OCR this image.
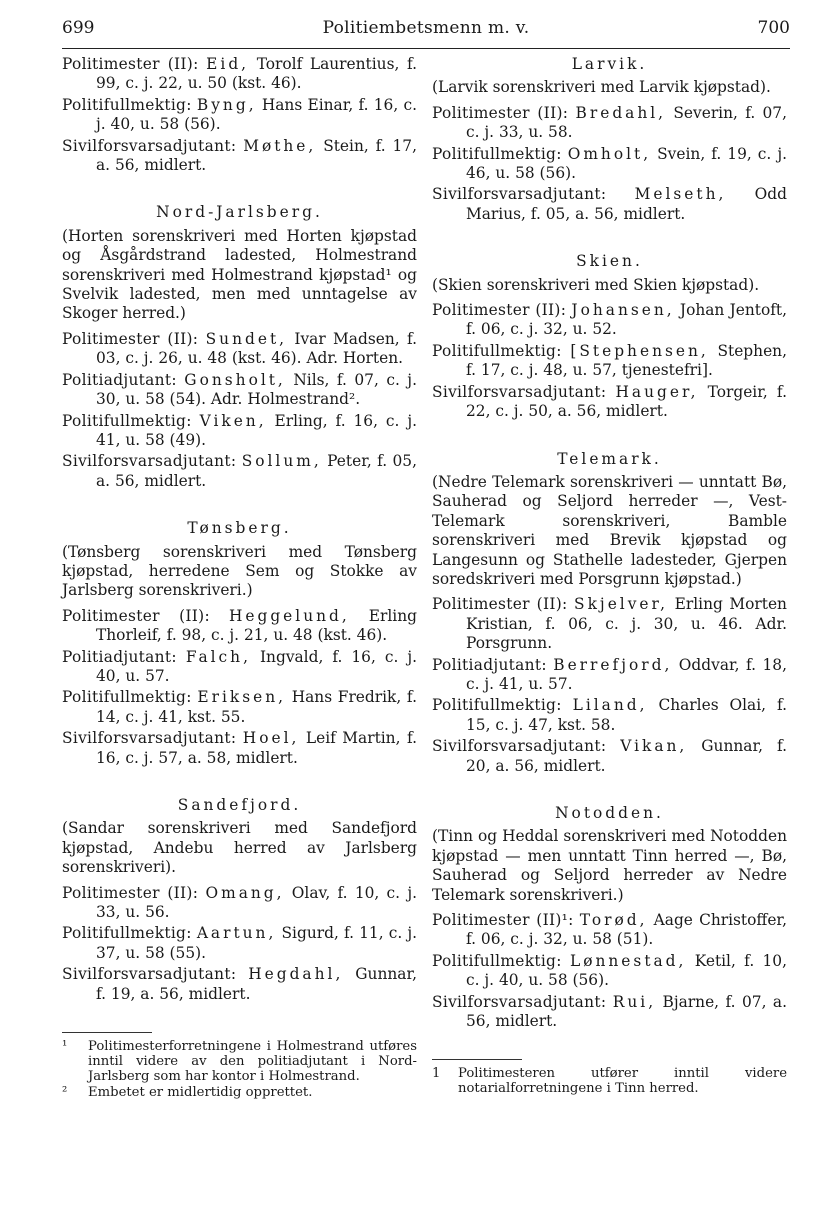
699	Politiembetsmenn m. v.	700
Politimester (II): Eid, Torolf Laurentius, f. 99, c. j. 22, u. 50 (kst. 46).
Politifullmektig: Byng, Hans Einar, f. 16, c. j. 40, u. 58 (56).
Sivilforsvarsadjutant: Møthe, Stein, f. 17, a. 56, midlert.
Nord-Jarlsberg.
(Horten sorenskriveri med Horten kjøpstad og Åsgårdstrand ladested, Holmestrand sorenskriveri med Holmestrand kjøpstad¹ og Svelvik ladested, men med unntagelse av Skoger herred.)
Politimester (II): Sundet, Ivar Madsen, f. 03, c. j. 26, u. 48 (kst. 46). Adr. Horten.
Politiadjutant: Gonsholt, Nils, f. 07, c. j. 30, u. 58 (54). Adr. Holmestrand².
Politifullmektig: Viken, Erling, f. 16, c. j. 41, u. 58 (49).
Sivilforsvarsadjutant: Sollum, Peter, f. 05, a. 56, midlert.
Tønsberg.
(Tønsberg sorenskriveri med Tønsberg kjøpstad, herredene Sem og Stokke av Jarlsberg sorenskriveri.)
Politimester (II): Heggelund, Erling Thorleif, f. 98, c. j. 21, u. 48 (kst. 46).
Politiadjutant: Falch, Ingvald, f. 16, c. j. 40, u. 57.
Politifullmektig: Eriksen, Hans Fredrik, f. 14, c. j. 41, kst. 55.
Sivilforsvarsadjutant: Hoel, Leif Martin, f. 16, c. j. 57, a. 58, midlert.
Sandefjord.
(Sandar sorenskriveri med Sandefjord kjøpstad, Andebu herred av Jarlsberg sorenskriveri).
Politimester (II): Omang, Olav, f. 10, c. j. 33, u. 56.
Politifullmektig: Aartun, Sigurd, f. 11, c. j. 37, u. 58 (55).
Sivilforsvarsadjutant: Hegdahl, Gunnar, f. 19, a. 56, midlert.
¹ Politimesterforretningene i Holmestrand utføres inntil videre av den politiadjutant i Nord-Jarlsberg som har kontor i Holmestrand.
² Embetet er midlertidig opprettet.
Larvik.
(Larvik sorenskriveri med Larvik kjøpstad).
Politimester (II): Bredahl, Severin, f. 07, c. j. 33, u. 58.
Politifullmektig: Omholt, Svein, f. 19, c. j. 46, u. 58 (56).
Sivilforsvarsadjutant: Melseth, Odd Marius, f. 05, a. 56, midlert.
Skien.
(Skien sorenskriveri med Skien kjøpstad).
Politimester (II): Johansen, Johan Jentoft, f. 06, c. j. 32, u. 52.
Politifullmektig: [Stephensen, Stephen, f. 17, c. j. 48, u. 57, tjenestefri].
Sivilforsvarsadjutant: Hauger, Torgeir, f. 22, c. j. 50, a. 56, midlert.
Telemark.
(Nedre Telemark sorenskriveri — unntatt Bø, Sauherad og Seljord herreder —, Vest-Telemark sorenskriveri, Bamble sorenskriveri med Brevik kjøpstad og Langesunn og Stathelle ladesteder, Gjerpen soredskriveri med Porsgrunn kjøpstad.)
Politimester (II): Skjelver, Erling Morten Kristian, f. 06, c. j. 30, u. 46. Adr. Porsgrunn.
Politiadjutant: Berrefjord, Oddvar, f. 18, c. j. 41, u. 57.
Politifullmektig: Liland, Charles Olai, f. 15, c. j. 47, kst. 58.
Sivilforsvarsadjutant: Vikan, Gunnar, f. 20, a. 56, midlert.
Notodden.
(Tinn og Heddal sorenskriveri med Notodden kjøpstad — men unntatt Tinn herred —, Bø, Sauherad og Seljord herreder av Nedre Telemark sorenskriveri.)
Politimester (II)¹: Torød, Aage Christoffer, f. 06, c. j. 32, u. 58 (51).
Politifullmektig: Lønnestad, Ketil, f. 10, c. j. 40, u. 58 (56).
Sivilforsvarsadjutant: Rui, Bjarne, f. 07, a. 56, midlert.
1 Politimesteren utfører inntil videre notarialforretningene i Tinn herred.
